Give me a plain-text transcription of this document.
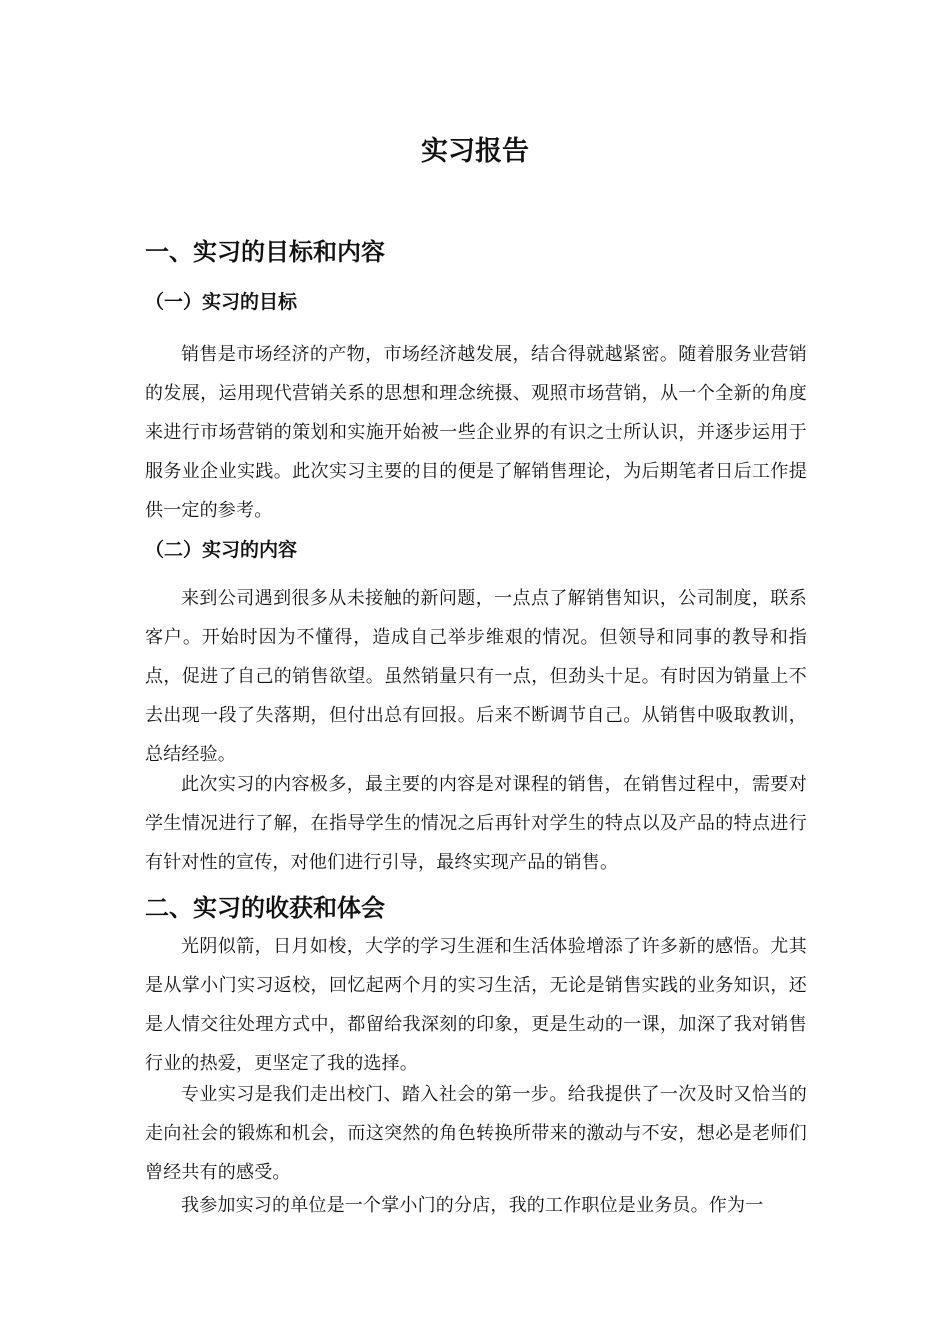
实习报告
一、实习的目标和内容
（一）实习的目标

销售是市场经济的产物，市场经济越发展，结合得就越紧密。随着服务业营销的发展，运用现代营销关系的思想和理念统摄、观照市场营销，从一个全新的角度来进行市场营销的策划和实施开始被一些企业界的有识之士所认识，并逐步运用于服务业企业实践。此次实习主要的目的便是了解销售理论，为后期笔者日后工作提供一定的参考。

（二）实习的内容

来到公司遇到很多从未接触的新问题，一点点了解销售知识，公司制度，联系客户。开始时因为不懂得，造成自己举步维艰的情况。但领导和同事的教导和指点，促进了自己的销售欲望。虽然销量只有一点，但劲头十足。有时因为销量上不去出现一段了失落期，但付出总有回报。后来不断调节自己。从销售中吸取教训，总结经验。

此次实习的内容极多，最主要的内容是对课程的销售，在销售过程中，需要对学生情况进行了解，在指导学生的情况之后再针对学生的特点以及产品的特点进行有针对性的宣传，对他们进行引导，最终实现产品的销售。

二、实习的收获和体会

光阴似箭，日月如梭，大学的学习生涯和生活体验增添了许多新的感悟。尤其是从掌小门实习返校，回忆起两个月的实习生活，无论是销售实践的业务知识，还是人情交往处理方式中，都留给我深刻的印象，更是生动的一课，加深了我对销售行业的热爱，更坚定了我的选择。

专业实习是我们走出校门、踏入社会的第一步。给我提供了一次及时又恰当的走向社会的锻炼和机会，而这突然的角色转换所带来的激动与不安，想必是老师们曾经共有的感受。

我参加实习的单位是一个掌小门的分店，我的工作职位是业务员。作为一
